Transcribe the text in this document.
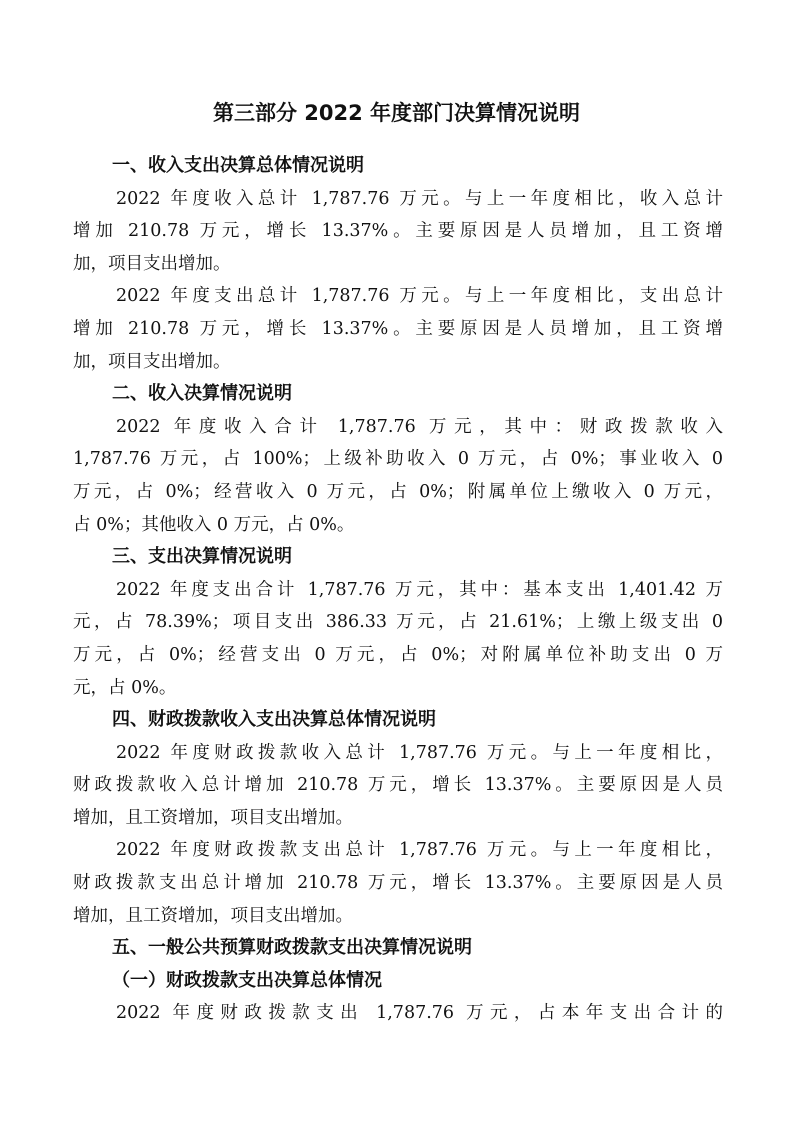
第三部分 2022 年度部门决算情况说明
一、收入支出决算总体情况说明
2022 年度收入总计 1,787.76 万元。与上一年度相比，收入总计
增加 210.78 万元，增长 13.37%。主要原因是人员增加，且工资增
加，项目支出增加。
2022 年度支出总计 1,787.76 万元。与上一年度相比，支出总计
增加 210.78 万元，增长 13.37%。主要原因是人员增加，且工资增
加，项目支出增加。
二、收入决算情况说明
2022 年度收入合计 1,787.76 万元，其中：财政拨款收入
1,787.76 万元，占 100%；上级补助收入 0 万元，占 0%；事业收入 0
万元，占 0%；经营收入 0 万元，占 0%；附属单位上缴收入 0 万元，
占 0%；其他收入 0 万元，占 0%。
三、支出决算情况说明
2022 年度支出合计 1,787.76 万元，其中：基本支出 1,401.42 万
元，占 78.39%；项目支出 386.33 万元，占 21.61%；上缴上级支出 0
万元，占 0%；经营支出 0 万元，占 0%；对附属单位补助支出 0 万
元，占 0%。
四、财政拨款收入支出决算总体情况说明
2022 年度财政拨款收入总计 1,787.76 万元。与上一年度相比，
财政拨款收入总计增加 210.78 万元，增长 13.37%。主要原因是人员
增加，且工资增加，项目支出增加。
2022 年度财政拨款支出总计 1,787.76 万元。与上一年度相比，
财政拨款支出总计增加 210.78 万元，增长 13.37%。主要原因是人员
增加，且工资增加，项目支出增加。
五、一般公共预算财政拨款支出决算情况说明
（一）财政拨款支出决算总体情况
2022 年度财政拨款支出 1,787.76 万元，占本年支出合计的
